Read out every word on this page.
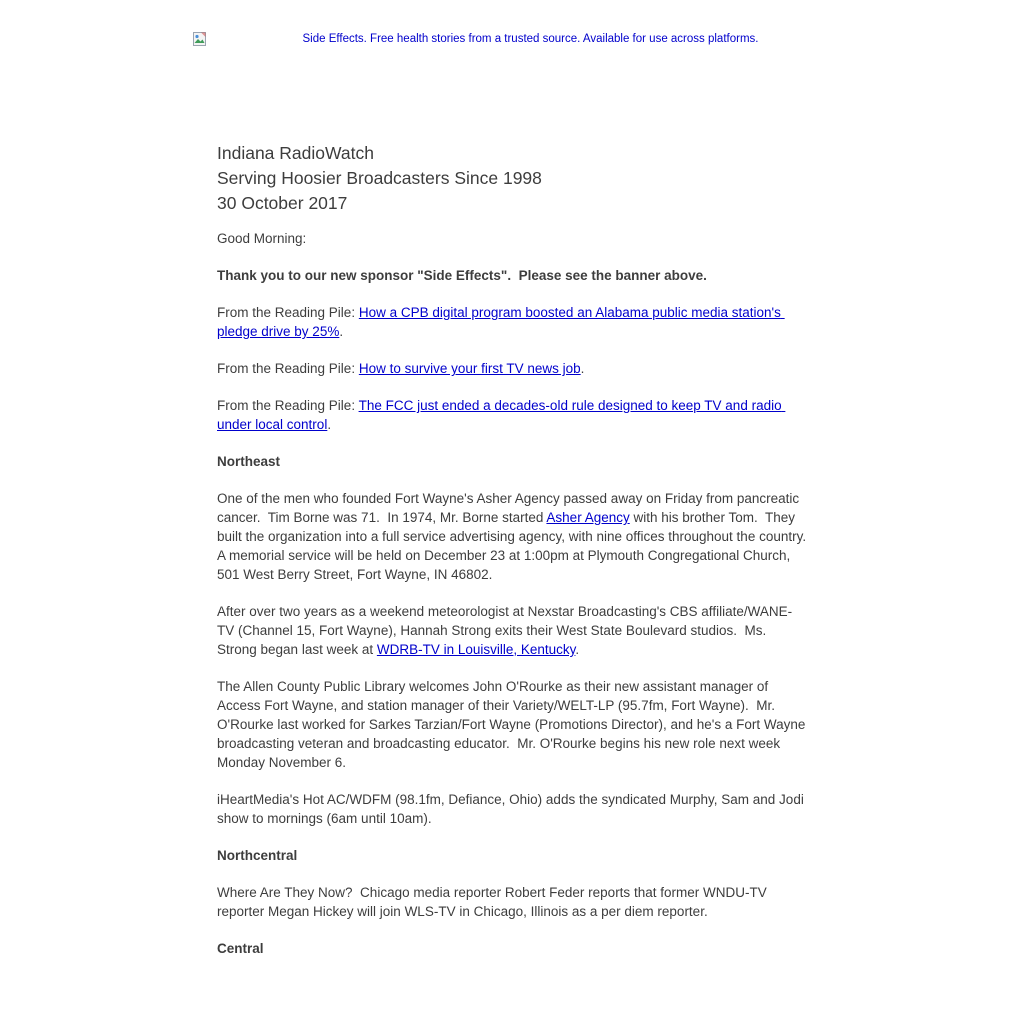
Side Effects. Free health stories from a trusted source. Available for use across platforms.
Indiana RadioWatch
Serving Hoosier Broadcasters Since 1998
30 October 2017

Good Morning:

Thank you to our new sponsor "Side Effects".  Please see the banner above.

From the Reading Pile: How a CPB digital program boosted an Alabama public media station's pledge drive by 25%.

From the Reading Pile: How to survive your first TV news job.

From the Reading Pile: The FCC just ended a decades-old rule designed to keep TV and radio under local control.

Northeast

One of the men who founded Fort Wayne's Asher Agency passed away on Friday from pancreatic cancer.  Tim Borne was 71.  In 1974, Mr. Borne started Asher Agency with his brother Tom.  They built the organization into a full service advertising agency, with nine offices throughout the country.  A memorial service will be held on December 23 at 1:00pm at Plymouth Congregational Church, 501 West Berry Street, Fort Wayne, IN 46802.

After over two years as a weekend meteorologist at Nexstar Broadcasting's CBS affiliate/WANE-TV (Channel 15, Fort Wayne), Hannah Strong exits their West State Boulevard studios.  Ms. Strong began last week at WDRB-TV in Louisville, Kentucky.

The Allen County Public Library welcomes John O'Rourke as their new assistant manager of Access Fort Wayne, and station manager of their Variety/WELT-LP (95.7fm, Fort Wayne).  Mr. O'Rourke last worked for Sarkes Tarzian/Fort Wayne (Promotions Director), and he's a Fort Wayne broadcasting veteran and broadcasting educator.  Mr. O'Rourke begins his new role next week Monday November 6.

iHeartMedia's Hot AC/WDFM (98.1fm, Defiance, Ohio) adds the syndicated Murphy, Sam and Jodi show to mornings (6am until 10am).

Northcentral

Where Are They Now?  Chicago media reporter Robert Feder reports that former WNDU-TV reporter Megan Hickey will join WLS-TV in Chicago, Illinois as a per diem reporter.

Central
